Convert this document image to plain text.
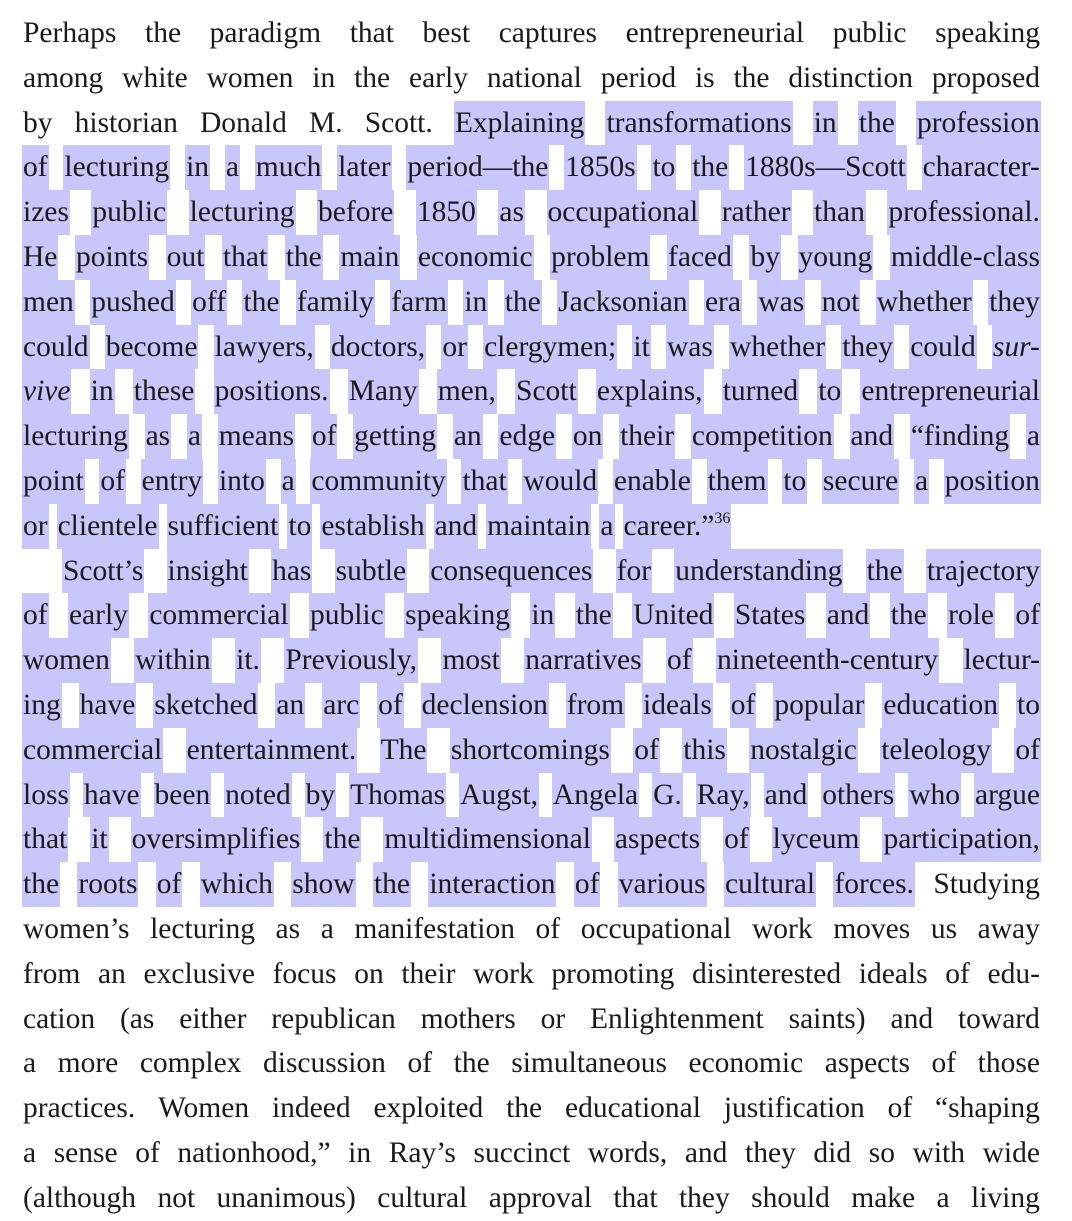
Perhaps the paradigm that best captures entrepreneurial public speaking
among white women in the early national period is the distinction proposed
by historian Donald M. Scott. Explaining transformations in the profession
of lecturing in a much later period—the 1850s to the 1880s—Scott character-
izes public lecturing before 1850 as occupational rather than professional.
He points out that the main economic problem faced by young middle-class
men pushed off the family farm in the Jacksonian era was not whether they
could become lawyers, doctors, or clergymen; it was whether they could sur-
vive in these positions. Many men, Scott explains, turned to entrepreneurial
lecturing as a means of getting an edge on their competition and “finding a
point of entry into a community that would enable them to secure a position
or clientele sufficient to establish and maintain a career.”$^{36}$
Scott’s insight has subtle consequences for understanding the trajectory
of early commercial public speaking in the United States and the role of
women within it. Previously, most narratives of nineteenth-century lectur-
ing have sketched an arc of declension from ideals of popular education to
commercial entertainment. The shortcomings of this nostalgic teleology of
loss have been noted by Thomas Augst, Angela G. Ray, and others who argue
that it oversimplifies the multidimensional aspects of lyceum participation,
the roots of which show the interaction of various cultural forces. Studying
women’s lecturing as a manifestation of occupational work moves us away
from an exclusive focus on their work promoting disinterested ideals of edu-
cation (as either republican mothers or Enlightenment saints) and toward
a more complex discussion of the simultaneous economic aspects of those
practices. Women indeed exploited the educational justification of “shaping
a sense of nationhood,” in Ray’s succinct words, and they did so with wide
(although not unanimous) cultural approval that they should make a living
